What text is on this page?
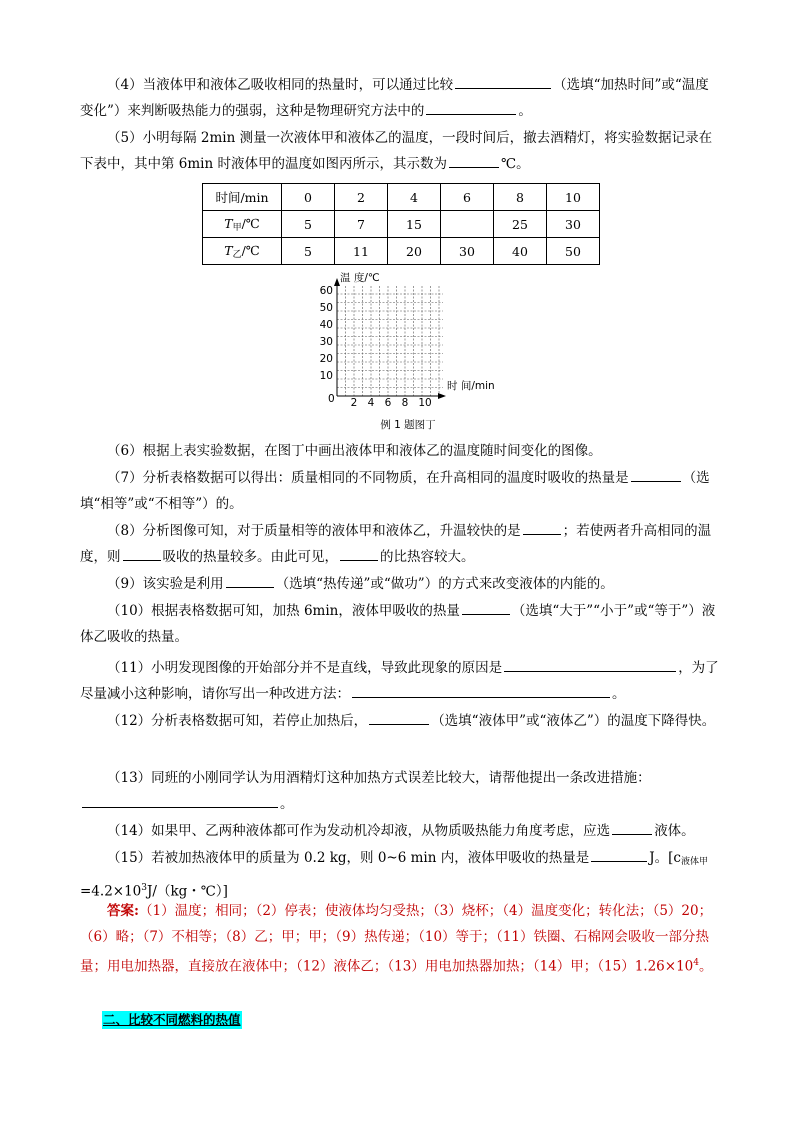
（4）当液体甲和液体乙吸收相同的热量时，可以通过比较	（选填“加热时间”或“温度变化”）来判断吸热能力的强弱，这种是物理研究方法中的	。

（5）小明每隔 2min 测量一次液体甲和液体乙的温度，一段时间后，撤去酒精灯，将实验数据记录在下表中，其中第 6min 时液体甲的温度如图丙所示，其示数为	℃。

时间/min	0	2	4	6	8	10
$T_甲/℃$	5	7	15		25	30
$T_乙/℃$	5	11	20	30	40	50
温 度/℃
时 间/min
60
50
40
30
20
10
0 2 4 6 8 10
例 1 题图丁

（6）根据上表实验数据，在图丁中画出液体甲和液体乙的温度随时间变化的图像。

（7）分析表格数据可以得出：质量相同的不同物质，在升高相同的温度时吸收的热量是	（选填“相等”或“不相等”）的。

（8）分析图像可知，对于质量相等的液体甲和液体乙，升温较快的是	；若使两者升高相同的温度，则	吸收的热量较多。由此可见，	的比热容较大。

（9）该实验是利用	（选填“热传递”或“做功”）的方式来改变液体的内能的。

（10）根据表格数据可知，加热 6min，液体甲吸收的热量	（选填“大于”“小于”或“等于”）液体乙吸收的热量。

（11）小明发现图像的开始部分并不是直线，导致此现象的原因是	，为了尽量减小这种影响，请你写出一种改进方法：	。

（12）分析表格数据可知，若停止加热后，	（选填“液体甲”或“液体乙”）的温度下降得快。

（13）同班的小刚同学认为用酒精灯这种加热方式误差比较大，请帮他提出一条改进措施：。

（14）如果甲、乙两种液体都可作为发动机冷却液，从物质吸热能力角度考虑，应选	液体。

（15）若被加热液体甲的质量为 0.2 kg，则 0~6 min 内，液体甲吸收的热量是	J。[$c_{液体甲}=4.2\times 10^3J/(kg$・℃）]

答案:（1）温度；相同；（2）停表；使液体均匀受热；（3）烧杯；（4）温度变化；转化法；（5）20；（6）略；（7）不相等；（8）乙；甲；甲；（9）热传递；（10）等于；（11）铁圈、石棉网会吸收一部分热量；用电加热器，直接放在液体中；（12）液体乙；（13）用电加热器加热；（14）甲；$(15)1.26\times 10^4$。

二、比较不同燃料的热值
